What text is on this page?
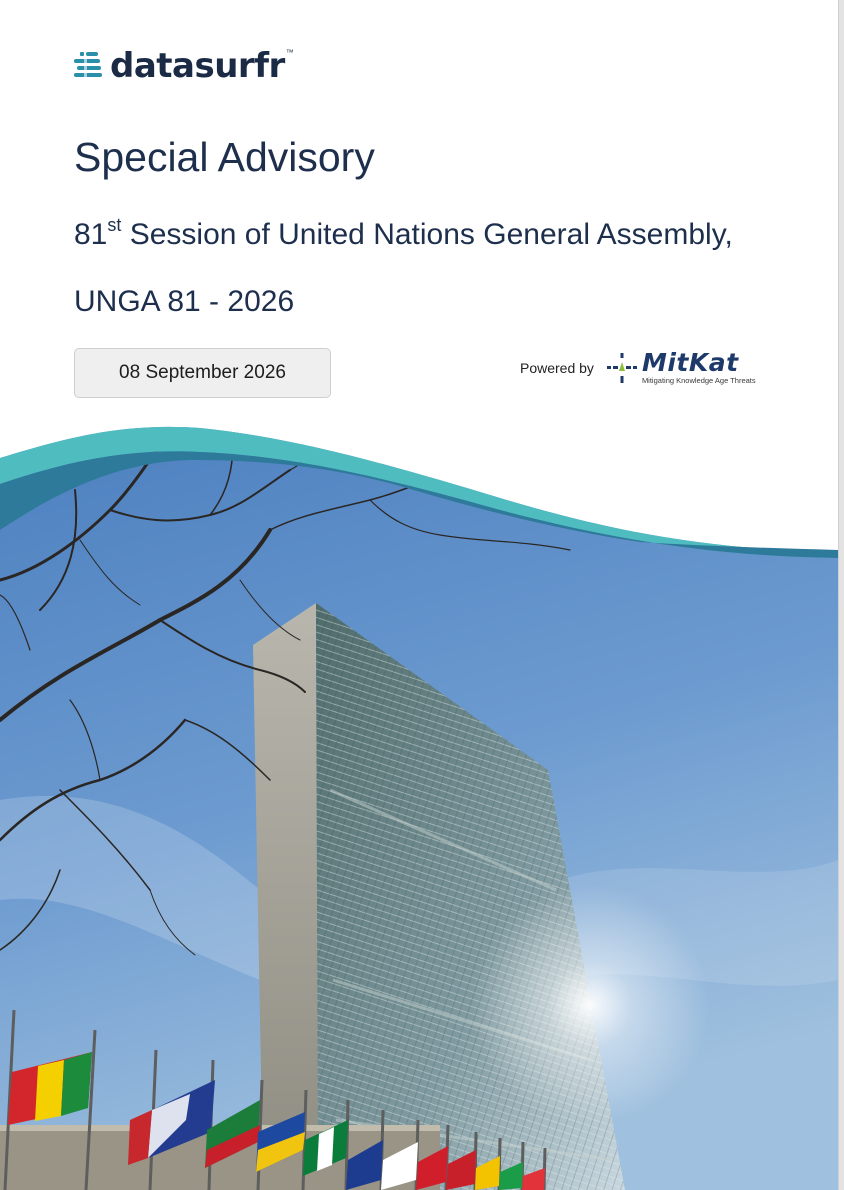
datasurfr ™
Special Advisory
81st Session of United Nations General Assembly,
UNGA 81 - 2026
08 September 2026	Powered by MitKat
Mitigating Knowledge Age Threats
